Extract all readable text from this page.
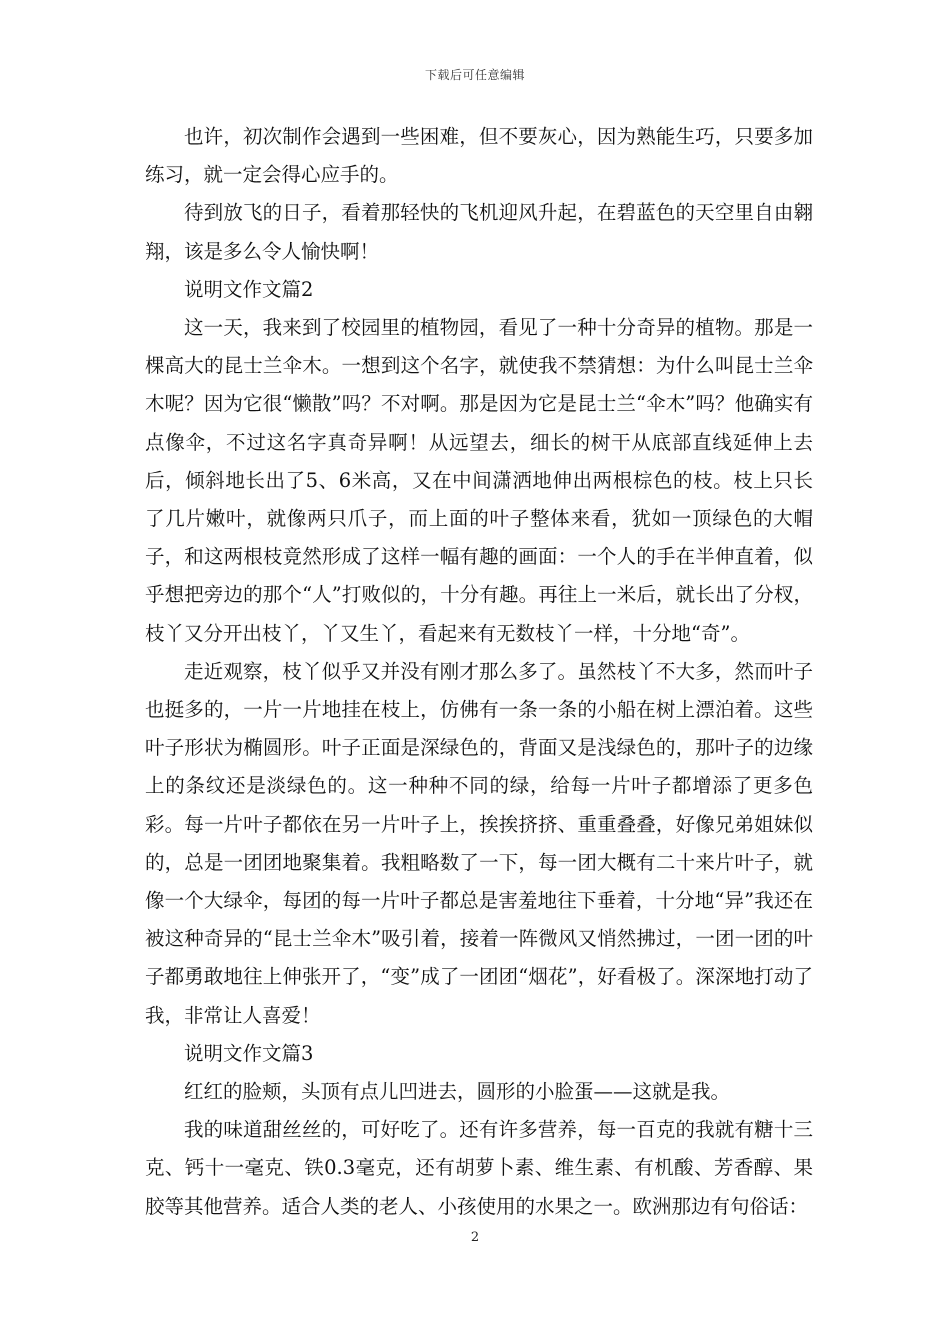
下载后可任意编辑

也许，初次制作会遇到一些困难，但不要灰心，因为熟能生巧，只要多加练习，就一定会得心应手的。

待到放飞的日子，看着那轻快的飞机迎风升起，在碧蓝色的天空里自由翱翔，该是多么令人愉快啊！

说明文作文篇2

这一天，我来到了校园里的植物园，看见了一种十分奇异的植物。那是一棵高大的昆士兰伞木。一想到这个名字，就使我不禁猜想：为什么叫昆士兰伞木呢？因为它很“懒散”吗？不对啊。那是因为它是昆士兰“伞木”吗？他确实有点像伞，不过这名字真奇异啊！从远望去，细长的树干从底部直线延伸上去后，倾斜地长出了5、6米高，又在中间潇洒地伸出两根棕色的枝。枝上只长了几片嫩叶，就像两只爪子，而上面的叶子整体来看，犹如一顶绿色的大帽子，和这两根枝竟然形成了这样一幅有趣的画面：一个人的手在半伸直着，似乎想把旁边的那个“人”打败似的，十分有趣。再往上一米后，就长出了分杈，枝丫又分开出枝丫，丫又生丫，看起来有无数枝丫一样，十分地“奇”。

走近观察，枝丫似乎又并没有刚才那么多了。虽然枝丫不大多，然而叶子也挺多的，一片一片地挂在枝上，仿佛有一条一条的小船在树上漂泊着。这些叶子形状为椭圆形。叶子正面是深绿色的，背面又是浅绿色的，那叶子的边缘上的条纹还是淡绿色的。这一种种不同的绿，给每一片叶子都增添了更多色彩。每一片叶子都依在另一片叶子上，挨挨挤挤、重重叠叠，好像兄弟姐妹似的，总是一团团地聚集着。我粗略数了一下，每一团大概有二十来片叶子，就像一个大绿伞，每团的每一片叶子都总是害羞地往下垂着，十分地“异”我还在被这种奇异的“昆士兰伞木”吸引着，接着一阵微风又悄然拂过，一团一团的叶子都勇敢地往上伸张开了，“变”成了一团团“烟花”，好看极了。深深地打动了我，非常让人喜爱！

说明文作文篇3

红红的脸颊，头顶有点儿凹进去，圆形的小脸蛋——这就是我。

我的味道甜丝丝的，可好吃了。还有许多营养，每一百克的我就有糖十三克、钙十一毫克、铁0.3毫克，还有胡萝卜素、维生素、有机酸、芳香醇、果胶等其他营养。适合人类的老人、小孩使用的水果之一。欧洲那边有句俗话：

2
